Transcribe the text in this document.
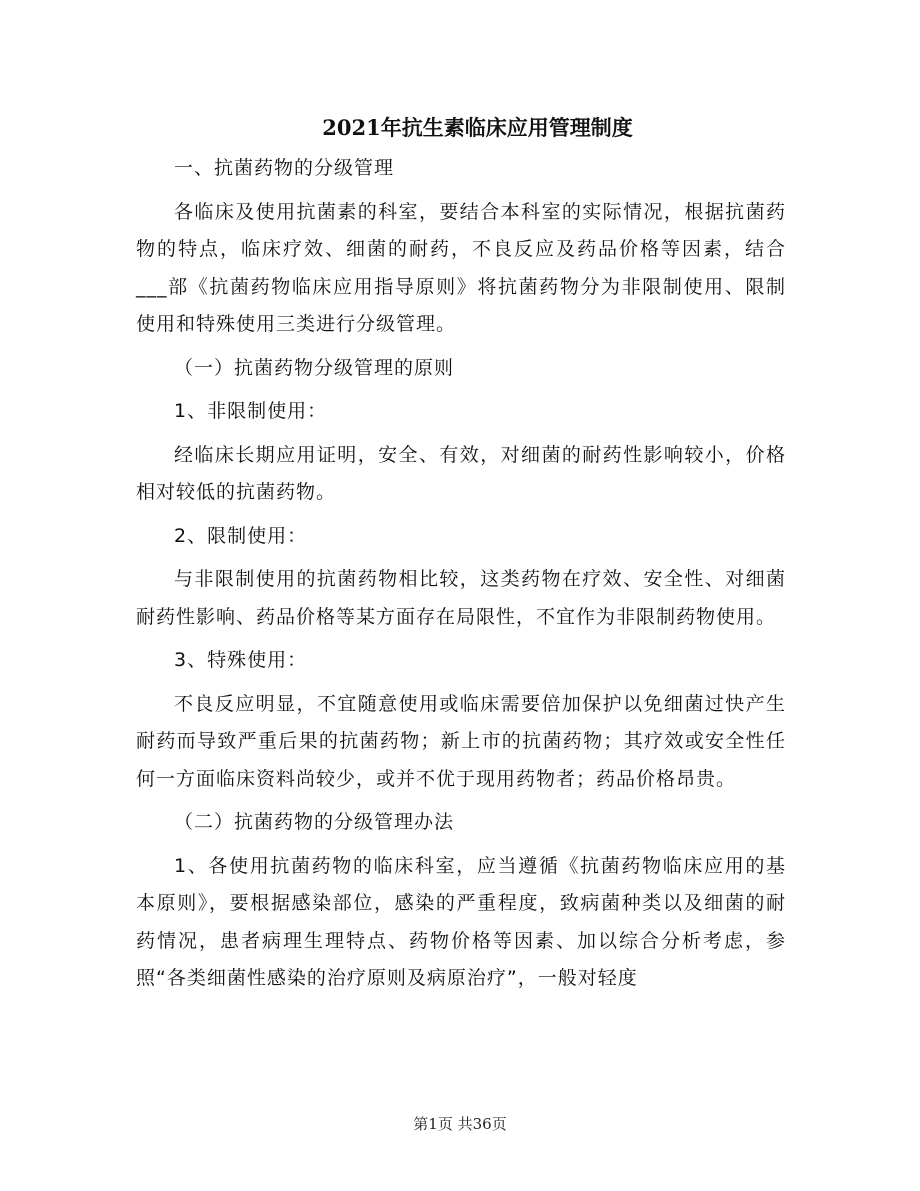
2021年抗生素临床应用管理制度

一、抗菌药物的分级管理

各临床及使用抗菌素的科室，要结合本科室的实际情况，根据抗菌药物的特点，临床疗效、细菌的耐药，不良反应及药品价格等因素，结合___部《抗菌药物临床应用指导原则》将抗菌药物分为非限制使用、限制使用和特殊使用三类进行分级管理。

（一）抗菌药物分级管理的原则

1、非限制使用：

经临床长期应用证明，安全、有效，对细菌的耐药性影响较小，价格相对较低的抗菌药物。

2、限制使用：

与非限制使用的抗菌药物相比较，这类药物在疗效、安全性、对细菌耐药性影响、药品价格等某方面存在局限性，不宜作为非限制药物使用。

3、特殊使用：

不良反应明显，不宜随意使用或临床需要倍加保护以免细菌过快产生耐药而导致严重后果的抗菌药物；新上市的抗菌药物；其疗效或安全性任何一方面临床资料尚较少，或并不优于现用药物者；药品价格昂贵。

（二）抗菌药物的分级管理办法

1、各使用抗菌药物的临床科室，应当遵循《抗菌药物临床应用的基本原则》，要根据感染部位，感染的严重程度，致病菌种类以及细菌的耐药情况，患者病理生理特点、药物价格等因素、加以综合分析考虑，参照“各类细菌性感染的治疗原则及病原治疗”，一般对轻度

第1页 共36页
